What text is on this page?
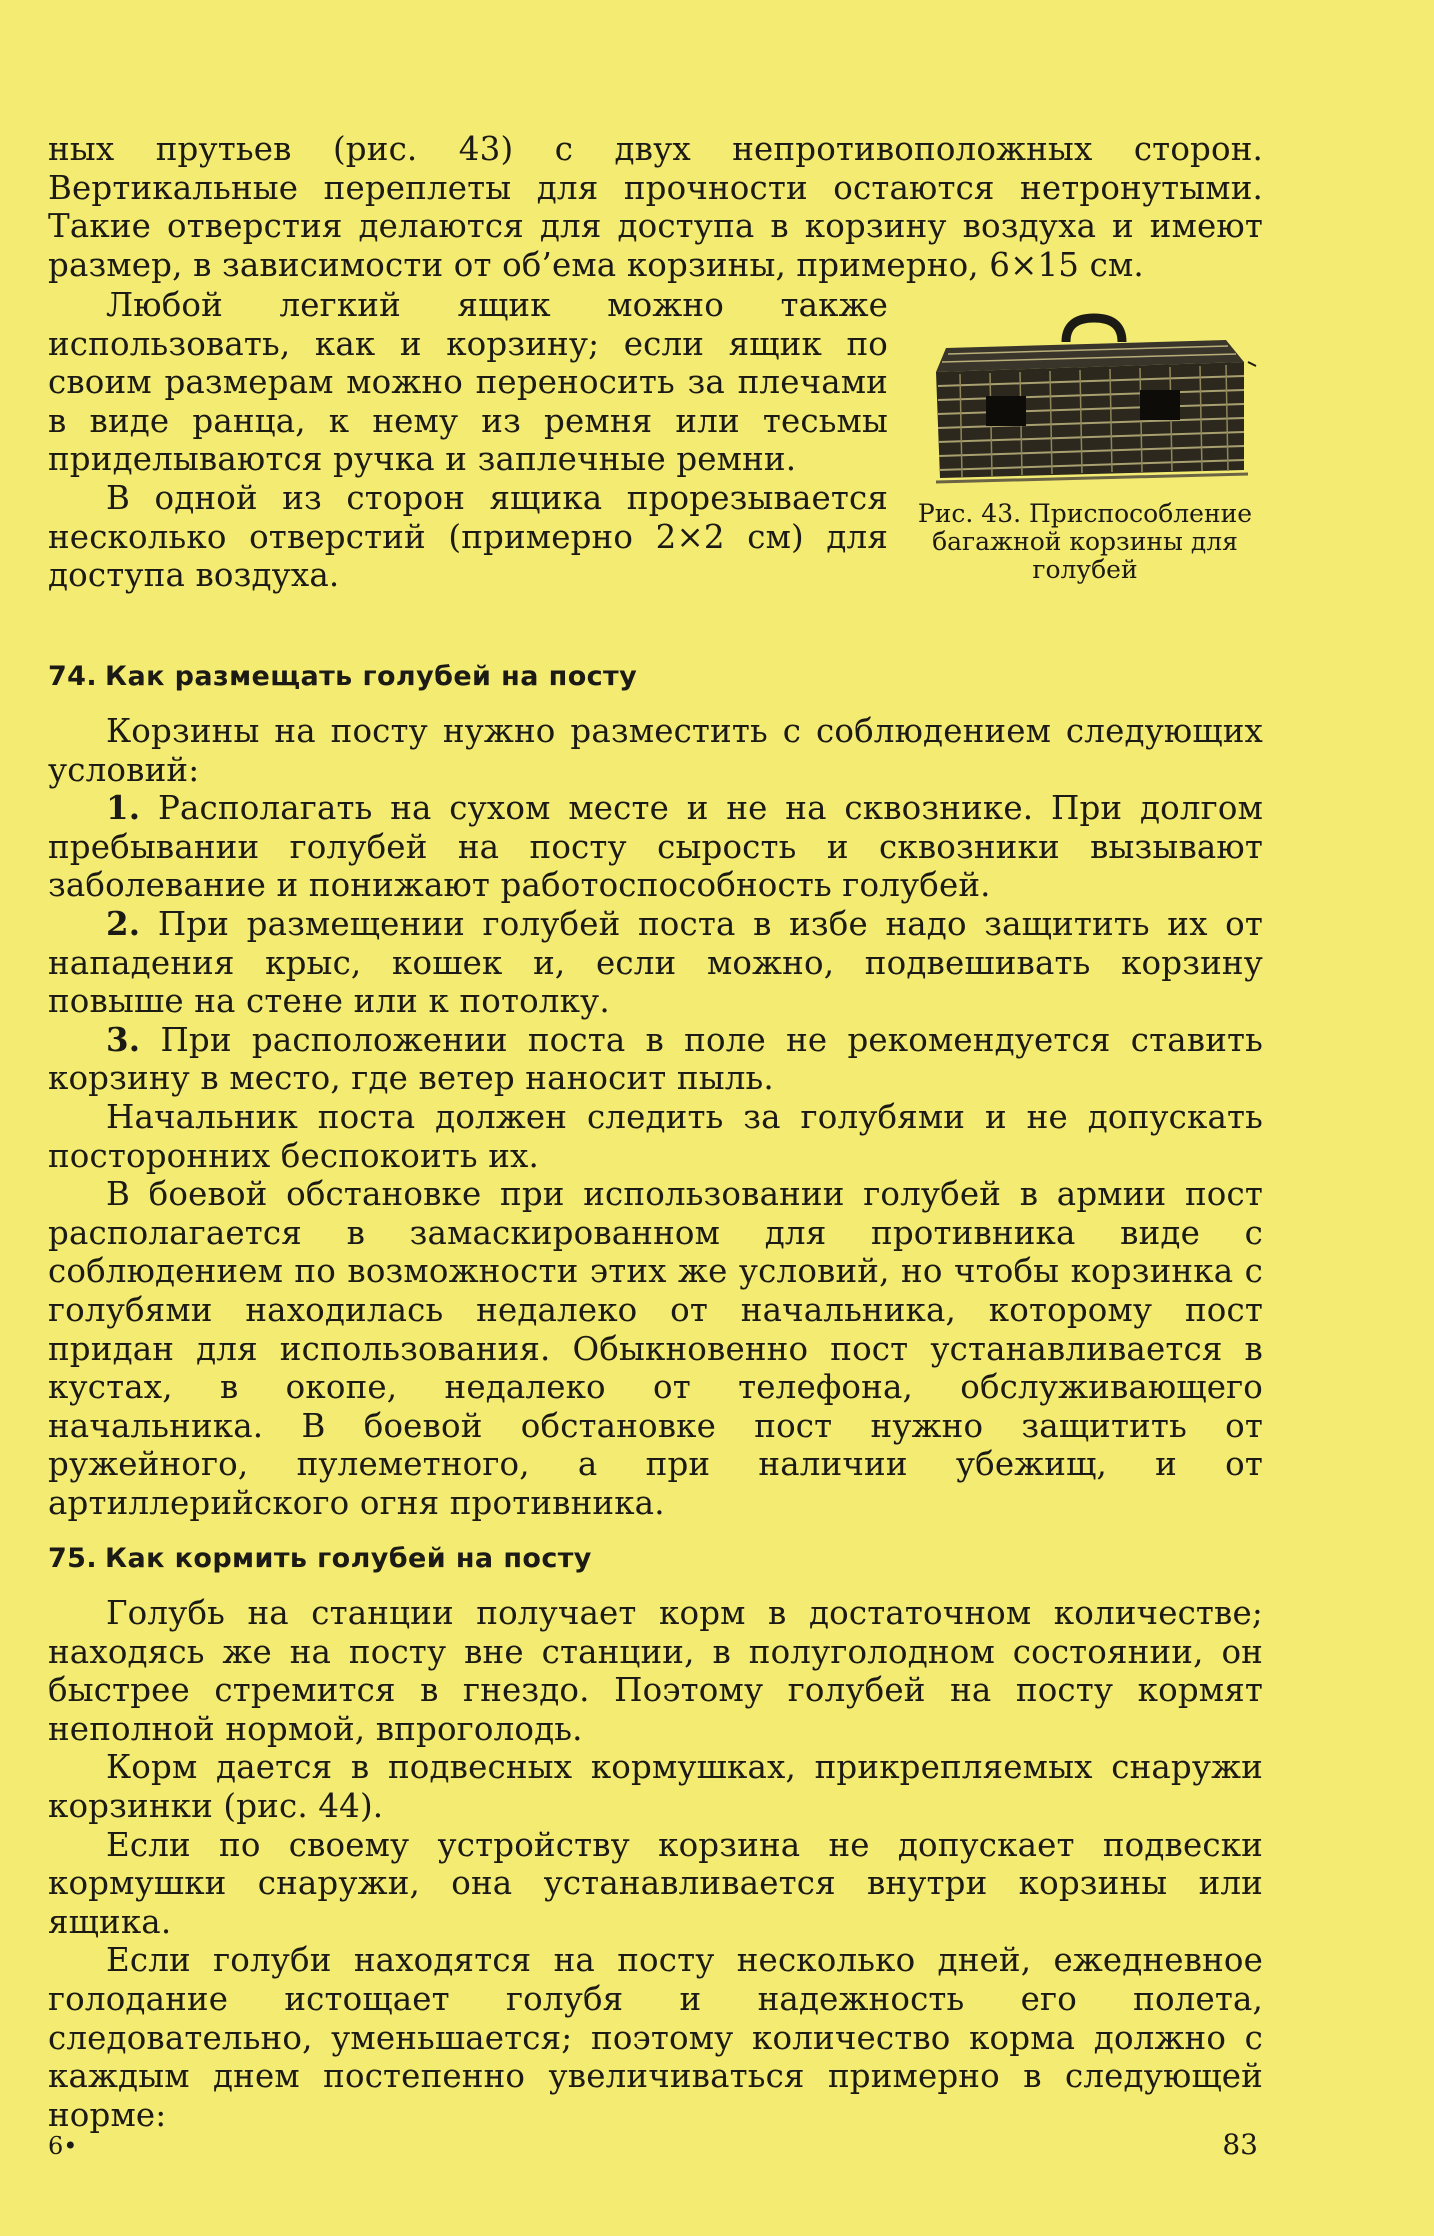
ных прутьев (рис. 43) с двух непротивоположных сторон. Вертикальные переплеты для прочности остаются нетронутыми. Такие отверстия делаются для доступа в корзину воздуха и имеют размер, в зависимости от об’ема корзины, примерно, 6×15 см.

Любой легкий ящик можно также использовать, как и корзину; если ящик по своим размерам можно переносить за плечами в виде ранца, к нему из ремня или тесьмы приделываются ручка и заплечные ремни.

В одной из сторон ящика прорезывается несколько отверстий (примерно 2×2 см) для доступа воздуха.

Рис. 43. Приспособление багажной корзины для голубей
74. Как размещать голубей на посту

Корзины на посту нужно разместить с соблюдением следующих условий:

1. Располагать на сухом месте и не на сквознике. При долгом пребывании голубей на посту сырость и сквозники вызывают заболевание и понижают работоспособность голубей.

2. При размещении голубей поста в избе надо защитить их от нападения крыс, кошек и, если можно, подвешивать корзину повыше на стене или к потолку.

3. При расположении поста в поле не рекомендуется ставить корзину в место, где ветер наносит пыль.

Начальник поста должен следить за голубями и не допускать посторонних беспокоить их.

В боевой обстановке при использовании голубей в армии пост располагается в замаскированном для противника виде с соблюдением по возможности этих же условий, но чтобы корзинка с голубями находилась недалеко от начальника, которому пост придан для использования. Обыкновенно пост устанавливается в кустах, в окопе, недалеко от телефона, обслуживающего начальника. В боевой обстановке пост нужно защитить от ружейного, пулеметного, а при наличии убежищ, и от артиллерийского огня противника.

75. Как кормить голубей на посту

Голубь на станции получает корм в достаточном количестве; находясь же на посту вне станции, в полуголодном состоянии, он быстрее стремится в гнездо. Поэтому голубей на посту кормят неполной нормой, впроголодь.

Корм дается в подвесных кормушках, прикрепляемых снаружи корзинки (рис. 44).

Если по своему устройству корзина не допускает подвески кормушки снаружи, она устанавливается внутри корзины или ящика.

Если голуби находятся на посту несколько дней, ежедневное голодание истощает голубя и надежность его полета, следовательно, уменьшается; поэтому количество корма должно с каждым днем постепенно увеличиваться примерно в следующей норме:

6•	83
